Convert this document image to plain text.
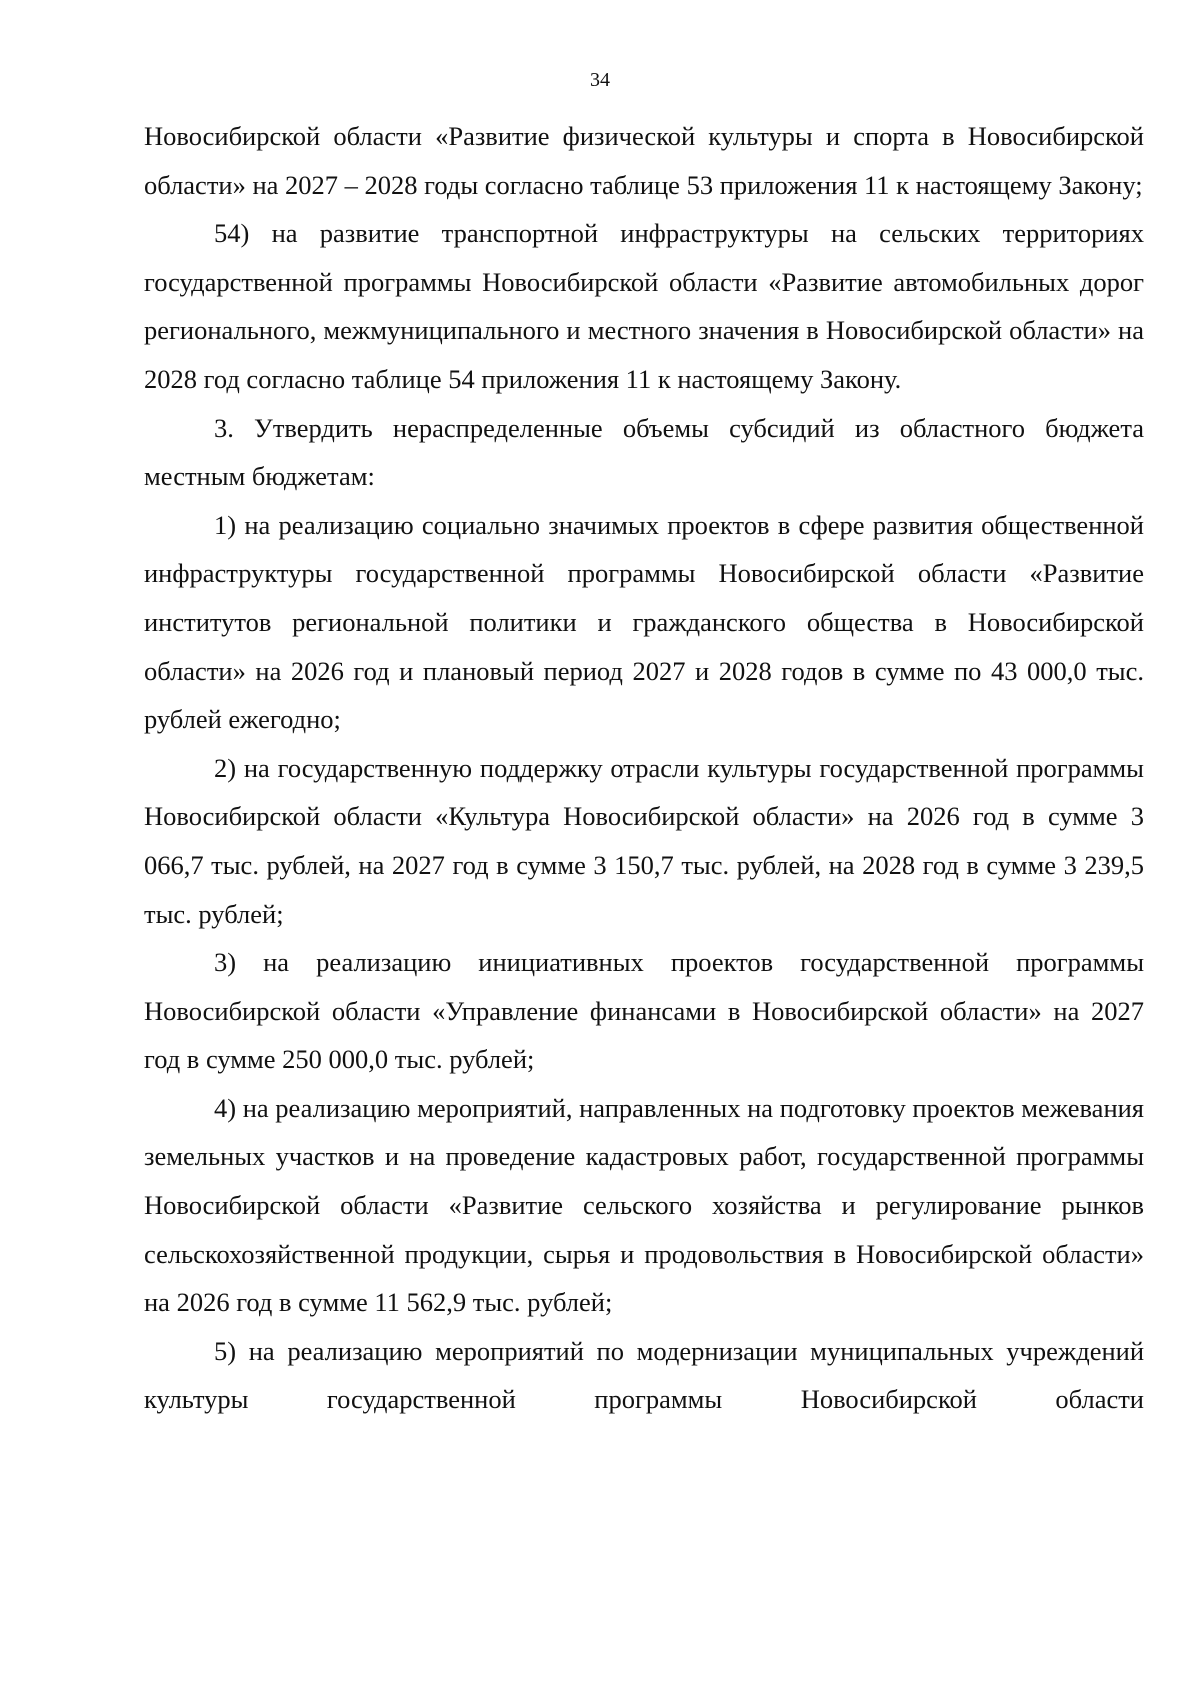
34

Новосибирской области «Развитие физической культуры и спорта в Новосибирской области» на 2027 – 2028 годы согласно таблице 53 приложения 11 к настоящему Закону;

54) на развитие транспортной инфраструктуры на сельских территориях государственной программы Новосибирской области «Развитие автомобильных дорог регионального, межмуниципального и местного значения в Новосибирской области» на 2028 год согласно таблице 54 приложения 11 к настоящему Закону.

3. Утвердить нераспределенные объемы субсидий из областного бюджета местным бюджетам:

1) на реализацию социально значимых проектов в сфере развития общественной инфраструктуры государственной программы Новосибирской области «Развитие институтов региональной политики и гражданского общества в Новосибирской области» на 2026 год и плановый период 2027 и 2028 годов в сумме по 43 000,0 тыс. рублей ежегодно;

2) на государственную поддержку отрасли культуры государственной программы Новосибирской области «Культура Новосибирской области» на 2026 год в сумме 3 066,7 тыс. рублей, на 2027 год в сумме 3 150,7 тыс. рублей, на 2028 год в сумме 3 239,5 тыс. рублей;

3) на реализацию инициативных проектов государственной программы Новосибирской области «Управление финансами в Новосибирской области» на 2027 год в сумме 250 000,0 тыс. рублей;

4) на реализацию мероприятий, направленных на подготовку проектов межевания земельных участков и на проведение кадастровых работ, государственной программы Новосибирской области «Развитие сельского хозяйства и регулирование рынков сельскохозяйственной продукции, сырья и продовольствия в Новосибирской области» на 2026 год в сумме 11 562,9 тыс. рублей;

5) на реализацию мероприятий по модернизации муниципальных учреждений культуры государственной программы Новосибирской области
